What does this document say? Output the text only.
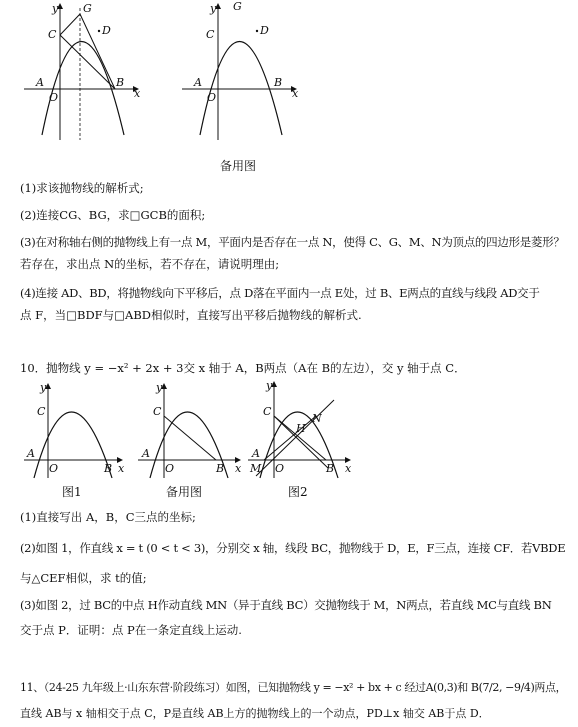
y G
C	D
A
O
B
x
y G
C	D
A
O
B
x
备用图
(1)求该抛物线的解析式;
(2)连接CG、BG，求□GCB的面积;
(3)在对称轴右侧的抛物线上有一点 M，平面内是否存在一点 N，使得 C、G、M、N为顶点的四边形是菱形？
若存在，求出点 N的坐标，若不存在，请说明理由;
(4)连接 AD、BD，将抛物线向下平移后，点 D落在平面内一点 E处，过 B、E两点的直线与线段 AD交于
点 F，当□BDF与□ABD相似时，直接写出平移后抛物线的解析式.
10．抛物线 y = −x² + 2x + 3交 x 轴于 A，B两点（A在 B的左边），交 y 轴于点 C．
y
C
A
O	B x
图1
y
C
A
O	B x
备用图
y
C
N
H
A
M O	B x
图2
(1)直接写出 A，B，C三点的坐标;
(2)如图 1，作直线 x = t (0 < t < 3)，分别交 x 轴，线段 BC，抛物线于 D，E，F三点，连接 CF．若VBDE
与△CEF相似，求 t的值;
(3)如图 2，过 BC的中点 H作动直线 MN（异于直线 BC）交抛物线于 M，N两点，若直线 MC与直线 BN
交于点 P．证明：点 P在一条定直线上运动.
11、（24-25 九年级上·山东东营·阶段练习）如图，已知抛物线 y = −x² + bx + c 经过A(0,3)和 B(7/2, −9/4)两点，
直线 AB与 x 轴相交于点 C，P是直线 AB上方的抛物线上的一个动点，PD⊥x 轴交 AB于点 D．
